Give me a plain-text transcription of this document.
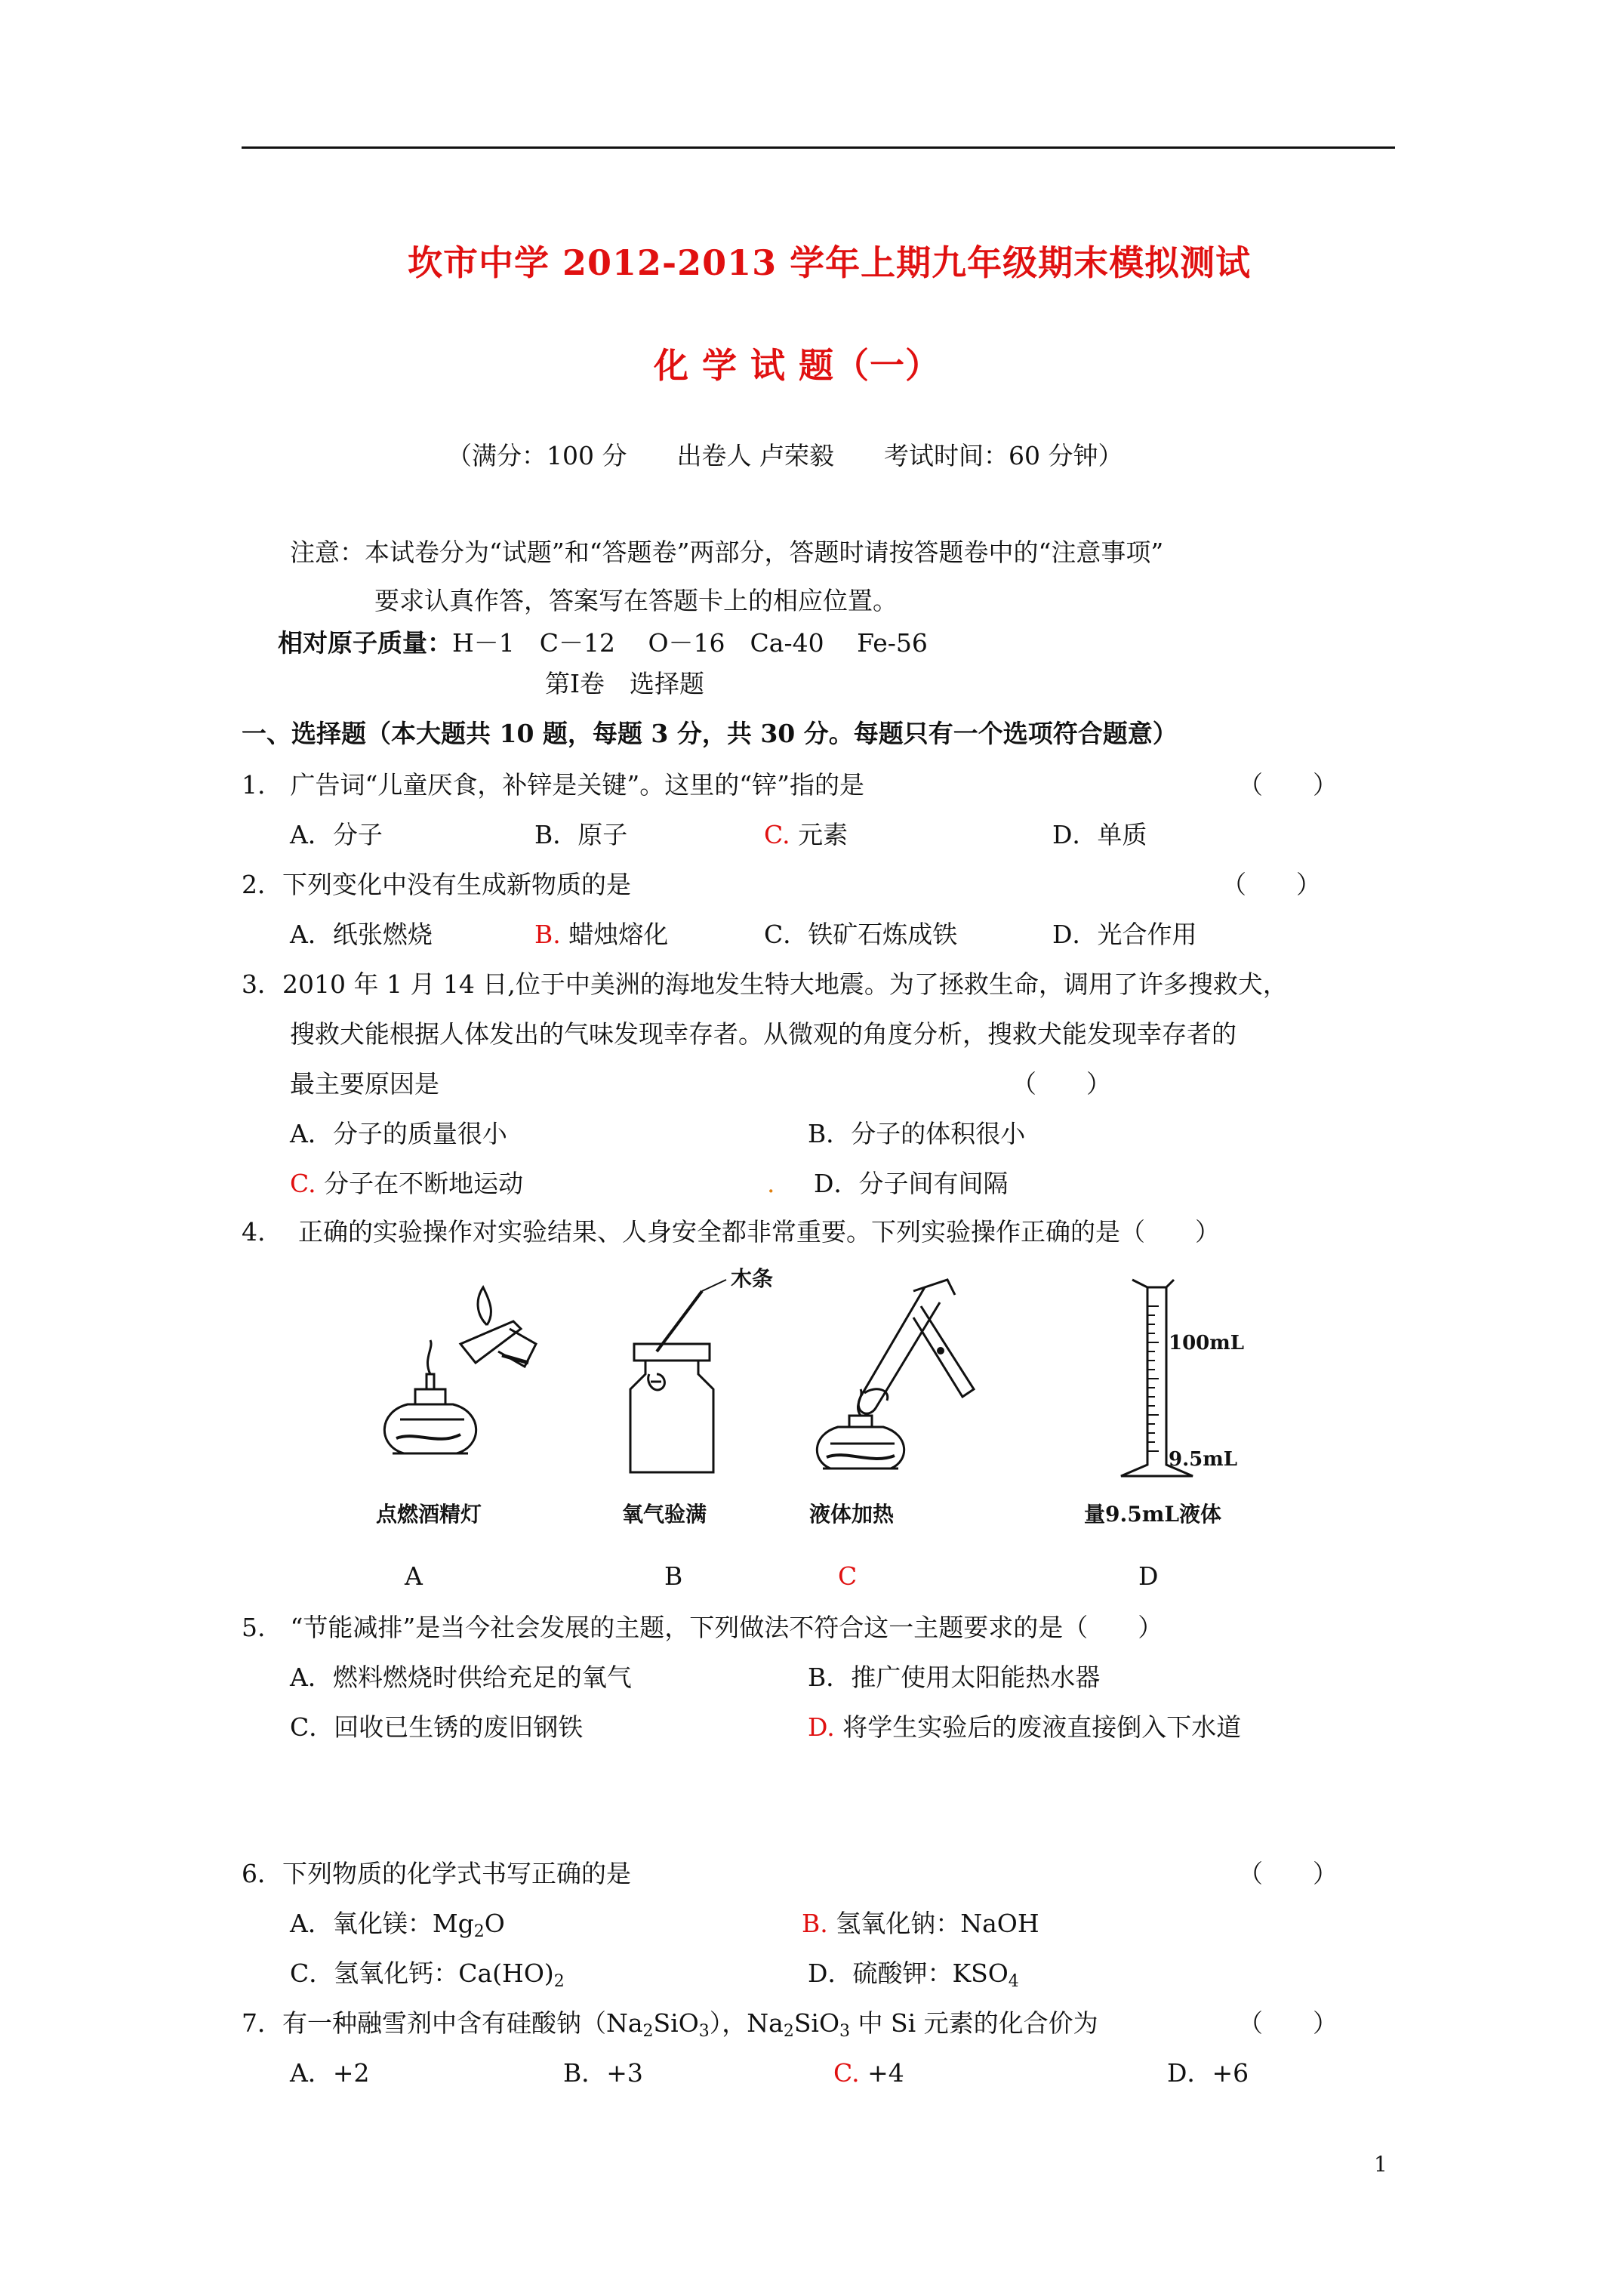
坎市中学 2012-2013 学年上期九年级期末模拟测试
化 学 试 题（一）
（满分：100 分　　出卷人 卢荣毅　　考试时间：60 分钟）
注意：本试卷分为“试题”和“答题卷”两部分，答题时请按答题卷中的“注意事项”
要求认真作答，答案写在答题卡上的相应位置。
相对原子质量：H－1　C－12　 O－16　Ca-40　 Fe-56
第Ⅰ卷　选择题
一、选择题（本大题共 10 题，每题 3 分，共 30 分。每题只有一个选项符合题意）
1.　广告词“儿童厌食，补锌是关键”。这里的“锌”指的是	（　　）
A．分子	B．原子	C. 元素	D．单质
2．下列变化中没有生成新物质的是	（　　）
A．纸张燃烧	B. 蜡烛熔化	C．铁矿石炼成铁	D．光合作用
3．2010 年 1 月 14 日,位于中美洲的海地发生特大地震。为了拯救生命，调用了许多搜救犬，
搜救犬能根据人体发出的气味发现幸存者。从微观的角度分析，搜救犬能发现幸存者的
最主要原因是	（　　）
A．分子的质量很小	B．分子的体积很小
C. 分子在不断地运动	. D．分子间有间隔
4.　 正确的实验操作对实验结果、人身安全都非常重要。下列实验操作正确的是（　　）
木条
100mL
9.5mL
点燃酒精灯	氧气验满	液体加热	量9.5mL液体
A	B	C	D
5.　“节能减排”是当今社会发展的主题，下列做法不符合这一主题要求的是（　　）
A．燃料燃烧时供给充足的氧气	B．推广使用太阳能热水器
C．回收已生锈的废旧钢铁	D. 将学生实验后的废液直接倒入下水道
6．下列物质的化学式书写正确的是	（　　）
A．氧化镁：$Mg_2O$	B. 氢氧化钠：NaOH
C．氢氧化钙：$Ca(HO)_2$	D．硫酸钾：$KSO_4$
7．有一种融雪剂中含有硅酸钠$(Na_2SiO_3)$，$Na_2SiO_3$ 中 Si 元素的化合价为	（　　）
A．+2	B．+3	C. +4	D．+6
1
